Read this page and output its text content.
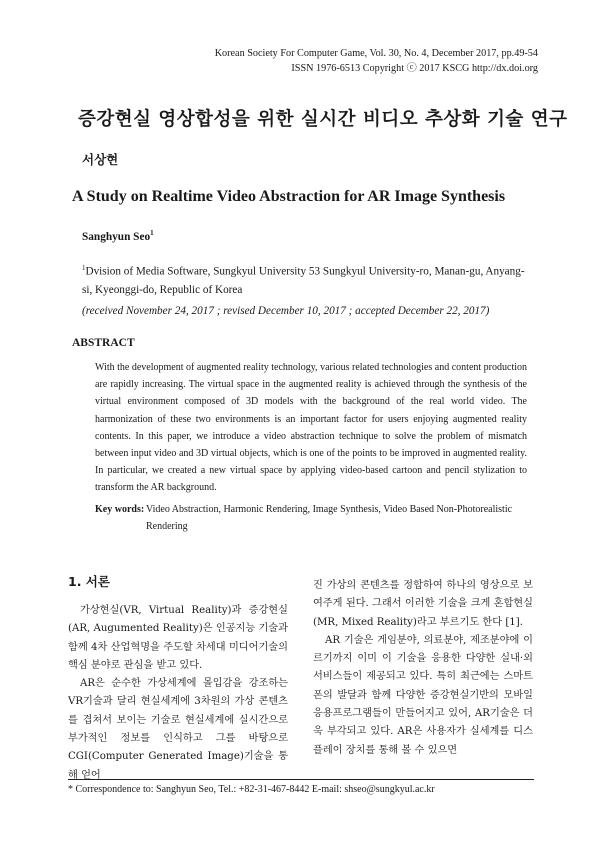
Korean Society For Computer Game, Vol. 30, No. 4, December 2017, pp.49-54
ISSN 1976-6513 Copyright ⓒ 2017 KSCG http://dx.doi.org
증강현실 영상합성을 위한 실시간 비디오 추상화 기술 연구
서상현
A Study on Realtime Video Abstraction for AR Image Synthesis
Sanghyun Seo$^1$
$^1$Dvision of Media Software, Sungkyul University 53 Sungkyul University-ro, Manan-gu, Anyang-si, Kyeonggi-do, Republic of Korea
(received November 24, 2017 ; revised December 10, 2017 ; accepted December 22, 2017)
ABSTRACT
With the development of augmented reality technology, various related technologies and content production are rapidly increasing. The virtual space in the augmented reality is achieved through the synthesis of the virtual environment composed of 3D models with the background of the real world video. The harmonization of these two environments is an important factor for users enjoying augmented reality contents. In this paper, we introduce a video abstraction technique to solve the problem of mismatch between input video and 3D virtual objects, which is one of the points to be improved in augmented reality. In particular, we created a new virtual space by applying video-based cartoon and pencil stylization to transform the AR background.
Key words: Video Abstraction, Harmonic Rendering, Image Synthesis, Video Based Non-Photorealistic Rendering
1. 서론

가상현실(VR, Virtual Reality)과 증강현실(AR, Augumented Reality)은 인공지능 기술과 함께 4차 산업혁명을 주도할 차세대 미디어기술의 핵심 분야로 관심을 받고 있다.

AR은 순수한 가상세계에 몰입감을 강조하는 VR기술과 달리 현실세계에 3차원의 가상 콘텐츠를 겹쳐서 보이는 기술로 현실세계에 실시간으로 부가적인 정보를 인식하고 그를 바탕으로 CGI(Computer Generated Image)기술을 통해 얻어

진 가상의 콘텐츠를 정합하여 하나의 영상으로 보여주게 된다. 그래서 이러한 기술을 크게 혼합현실(MR, Mixed Reality)라고 부르기도 한다 [1].

AR 기술은 게임분야, 의료분야, 제조분야에 이르기까지 이미 이 기술을 응용한 다양한 실내·외 서비스들이 제공되고 있다. 특히 최근에는 스마트 폰의 발달과 함께 다양한 증강현실기반의 모바일 응용프로그램들이 만들어지고 있어, AR기술은 더욱 부각되고 있다. AR은 사용자가 실세계를 디스플레이 장치를 통해 볼 수 있으면

* Correspondence to: Sanghyun Seo, Tel.: +82-31-467-8442 E-mail: shseo@sungkyul.ac.kr
